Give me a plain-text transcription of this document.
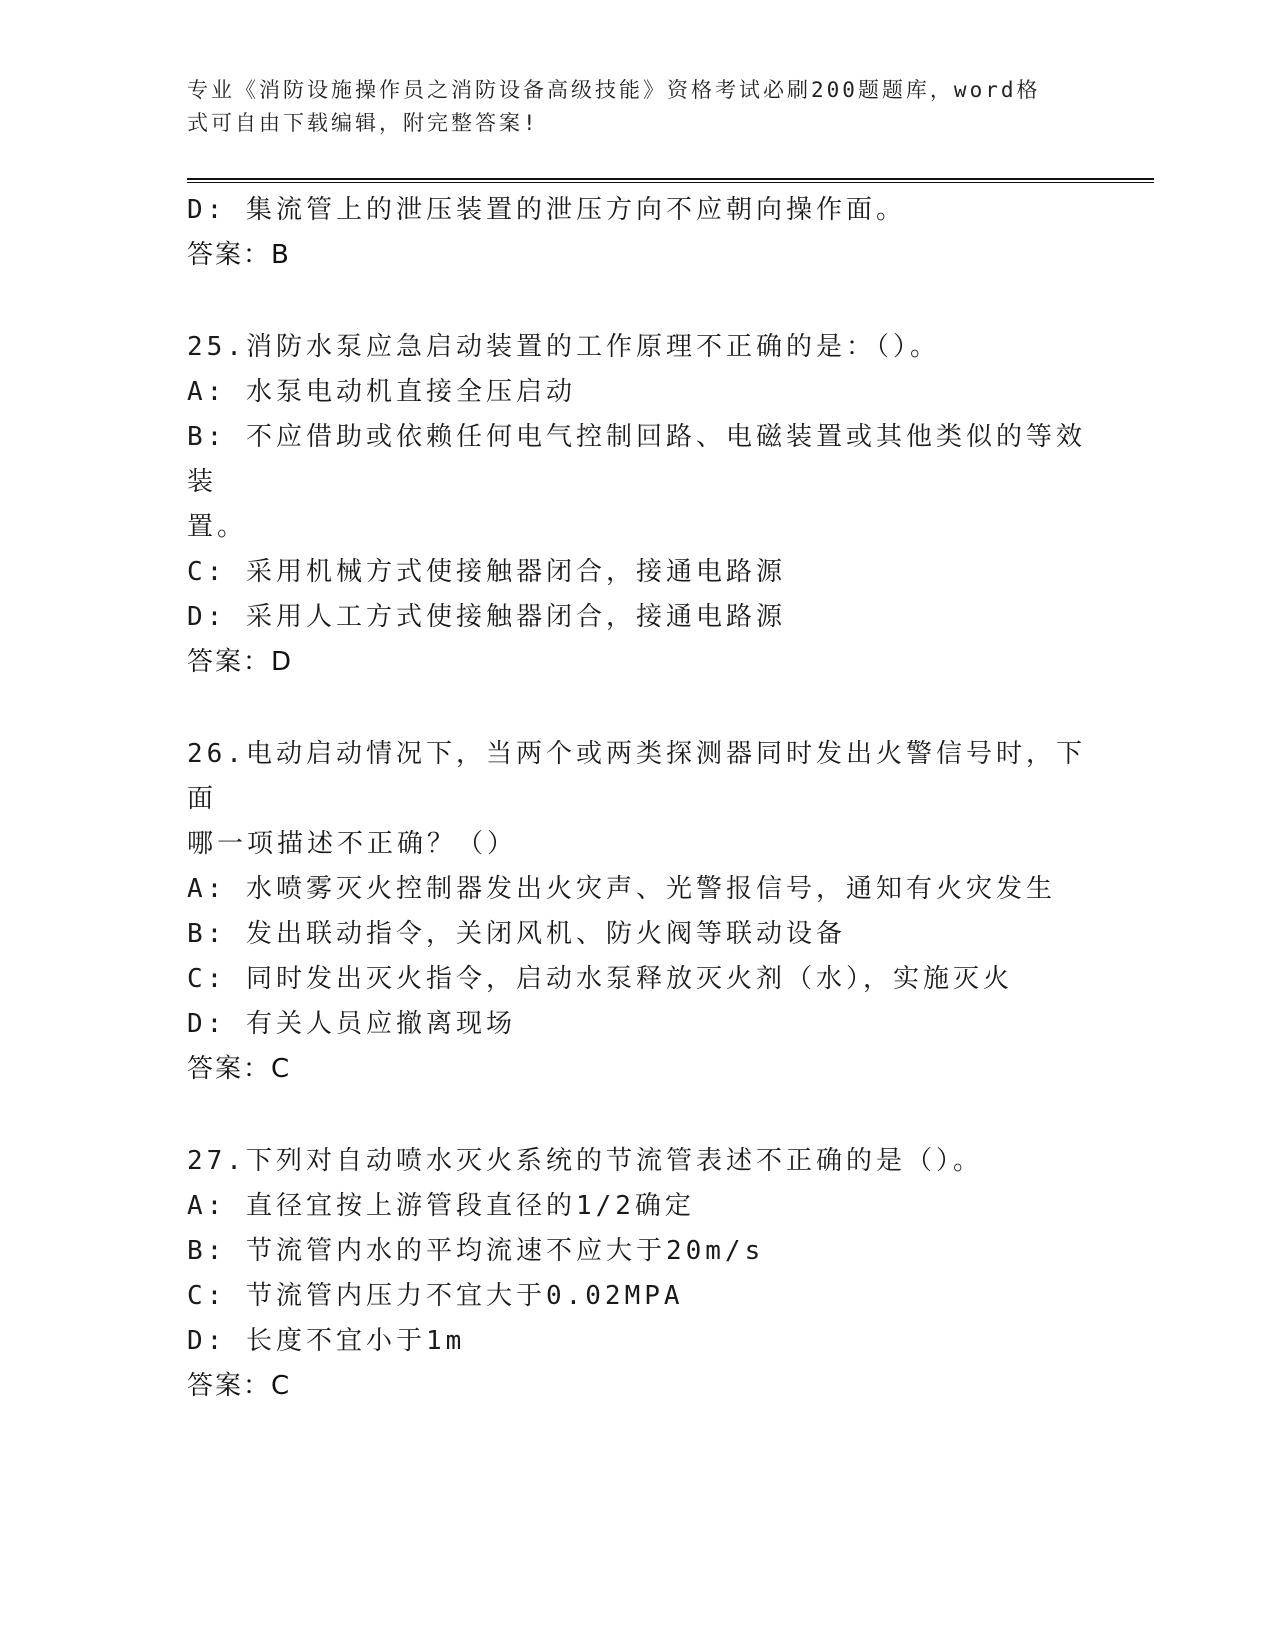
专业《消防设施操作员之消防设备高级技能》资格考试必刷200题题库，word格
式可自由下载编辑，附完整答案!
D: 集流管上的泄压装置的泄压方向不应朝向操作面。
答案：B
25.消防水泵应急启动装置的工作原理不正确的是：（）。
A: 水泵电动机直接全压启动
B: 不应借助或依赖任何电气控制回路、电磁装置或其他类似的等效装
置。
C: 采用机械方式使接触器闭合，接通电路源
D: 采用人工方式使接触器闭合，接通电路源
答案：D
26.电动启动情况下，当两个或两类探测器同时发出火警信号时，下面
哪一项描述不正确？（）
A: 水喷雾灭火控制器发出火灾声、光警报信号，通知有火灾发生
B: 发出联动指令，关闭风机、防火阀等联动设备
C: 同时发出灭火指令，启动水泵释放灭火剂（水），实施灭火
D: 有关人员应撤离现场
答案：C
27.下列对自动喷水灭火系统的节流管表述不正确的是（）。
A: 直径宜按上游管段直径的1/2确定
B: 节流管内水的平均流速不应大于20m/s
C: 节流管内压力不宜大于0.02MPA
D: 长度不宜小于1m
答案：C
